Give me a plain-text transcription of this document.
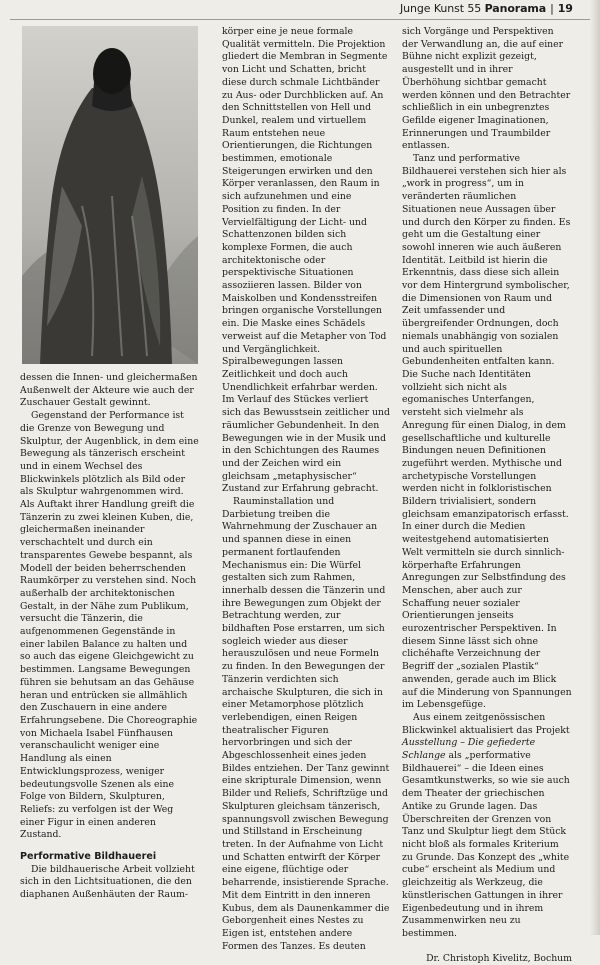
Junge Kunst 55 Panorama | 19

dessen die Innen- und gleichermaßen Außenwelt der Akteure wie auch der Zuschauer Gestalt gewinnt.

Gegenstand der Performance ist die Grenze von Bewegung und Skulptur, der Augenblick, in dem eine Bewegung als tänzerisch erscheint und in einem Wechsel des Blickwinkels plötzlich als Bild oder als Skulptur wahrgenommen wird. Als Auftakt ihrer Handlung greift die Tänzerin zu zwei kleinen Kuben, die, gleichermaßen ineinander verschachtelt und durch ein transparentes Gewebe bespannt, als Modell der beiden beherrschenden Raumkörper zu verstehen sind. Noch außerhalb der architektonischen Gestalt, in der Nähe zum Publikum, versucht die Tänzerin, die aufgenommenen Gegenstände in einer labilen Balance zu halten und so auch das eigene Gleichgewicht zu bestimmen. Langsame Bewegungen führen sie behutsam an das Gehäuse heran und entrücken sie allmählich den Zuschauern in eine andere Erfahrungsebene. Die Choreographie von Michaela Isabel Fünfhausen veranschaulicht weniger eine Handlung als einen Entwicklungsprozess, weniger bedeutungsvolle Szenen als eine Folge von Bildern, Skulpturen, Reliefs: zu verfolgen ist der Weg einer Figur in einen anderen Zustand.

Performative Bildhauerei

Die bildhauerische Arbeit vollzieht sich in den Lichtsituationen, die den diaphanen Außenhäuten der Raum-

körper eine je neue formale Qualität vermitteln. Die Projektion gliedert die Membran in Segmente von Licht und Schatten, bricht diese durch schmale Lichtbänder zu Aus- oder Durchblicken auf. An den Schnittstellen von Hell und Dunkel, realem und virtuellem Raum entstehen neue Orientierungen, die Richtungen bestimmen, emotionale Steigerungen erwirken und den Körper veranlassen, den Raum in sich aufzunehmen und eine Position zu finden. In der Vervielfältigung der Licht- und Schattenzonen bilden sich komplexe Formen, die auch architektonische oder perspektivische Situationen assoziieren lassen. Bilder von Maiskolben und Kondensstreifen bringen organische Vorstellungen ein. Die Maske eines Schädels verweist auf die Metapher von Tod und Vergänglichkeit. Spiralbewegungen lassen Zeitlichkeit und doch auch Unendlichkeit erfahrbar werden. Im Verlauf des Stückes verliert sich das Bewusstsein zeitlicher und räumlicher Gebundenheit. In den Bewegungen wie in der Musik und in den Schichtungen des Raumes und der Zeichen wird ein gleichsam „metaphysischer“ Zustand zur Erfahrung gebracht.

Rauminstallation und Darbietung treiben die Wahrnehmung der Zuschauer an und spannen diese in einen permanent fortlaufenden Mechanismus ein: Die Würfel gestalten sich zum Rahmen, innerhalb dessen die Tänzerin und ihre Bewegungen zum Objekt der Betrachtung werden, zur bildhaften Pose erstarren, um sich sogleich wieder aus dieser herauszulösen und neue Formeln zu finden. In den Bewegungen der Tänzerin verdichten sich archaische Skulpturen, die sich in einer Metamorphose plötzlich verlebendigen, einen Reigen theatralischer Figuren hervorbringen und sich der Abgeschlossenheit eines jeden Bildes entziehen. Der Tanz gewinnt eine skripturale Dimension, wenn Bilder und Reliefs, Schriftzüge und Skulpturen gleichsam tänzerisch, spannungsvoll zwischen Bewegung und Stillstand in Erscheinung treten. In der Aufnahme von Licht und Schatten entwirft der Körper eine eigene, flüchtige oder beharrende, insistierende Sprache. Mit dem Eintritt in den inneren Kubus, dem als Daunenkammer die Geborgenheit eines Nestes zu Eigen ist, entstehen andere Formen des Tanzes. Es deuten

sich Vorgänge und Perspektiven der Verwandlung an, die auf einer Bühne nicht explizit gezeigt, ausgestellt und in ihrer Überhöhung sichtbar gemacht werden können und den Betrachter schließlich in ein unbegrenztes Gefilde eigener Imaginationen, Erinnerungen und Traumbilder entlassen.

Tanz und performative Bildhauerei verstehen sich hier als „work in progress“, um in veränderten räumlichen Situationen neue Aussagen über und durch den Körper zu finden. Es geht um die Gestaltung einer sowohl inneren wie auch äußeren Identität. Leitbild ist hierin die Erkenntnis, dass diese sich allein vor dem Hintergrund symbolischer, die Dimensionen von Raum und Zeit umfassender und übergreifender Ordnungen, doch niemals unabhängig von sozialen und auch spirituellen Gebundenheiten entfalten kann. Die Suche nach Identitäten vollzieht sich nicht als egomanisches Unterfangen, versteht sich vielmehr als Anregung für einen Dialog, in dem gesellschaftliche und kulturelle Bindungen neuen Definitionen zugeführt werden. Mythische und archetypische Vorstellungen werden nicht in folkloristischen Bildern trivialisiert, sondern gleichsam emanzipatorisch erfasst. In einer durch die Medien weitestgehend automatisierten Welt vermitteln sie durch sinnlich-körperhafte Erfahrungen Anregungen zur Selbstfindung des Menschen, aber auch zur Schaffung neuer sozialer Orientierungen jenseits eurozentrischer Perspektiven. In diesem Sinne lässt sich ohne clichéhafte Verzeichnung der Begriff der „sozialen Plastik“ anwenden, gerade auch im Blick auf die Minderung von Spannungen im Lebensgefüge.

Aus einem zeitgenössischen Blickwinkel aktualisiert das Projekt Ausstellung – Die gefiederte Schlange als „performative Bildhauerei“ – die Ideen eines Gesamtkunstwerks, so wie sie auch dem Theater der griechischen Antike zu Grunde lagen. Das Überschreiten der Grenzen von Tanz und Skulptur liegt dem Stück nicht bloß als formales Kriterium zu Grunde. Das Konzept des „white cube“ erscheint als Medium und gleichzeitig als Werkzeug, die künstlerischen Gattungen in ihrer Eigenbedeutung und in ihrem Zusammenwirken neu zu bestimmen.

Dr. Christoph Kivelitz, Bochum
